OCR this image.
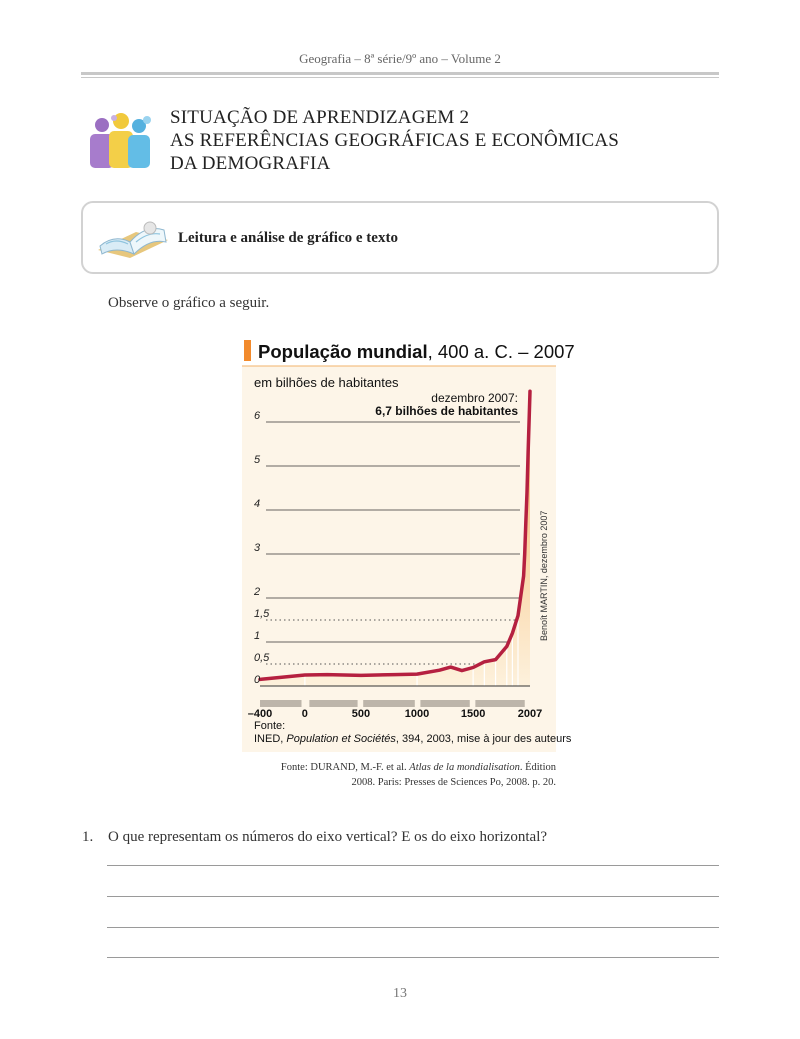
Geografia – 8ª série/9º ano – Volume 2
SITUAÇÃO DE APRENDIZAGEM 2
AS REFERÊNCIAS GEOGRÁFICAS E ECONÔMICAS
DA DEMOGRAFIA
Leitura e análise de gráfico e texto
Observe o gráfico a seguir.
População mundial, 400 a. C. – 2007
em bilhões de habitantes
dezembro 2007:
6,7 bilhões de habitantes
0
0,5
1
1,5
2
3
4
5
6
–400	0	500	1000	1500	2007
Benoît MARTIN, dezembro 2007
Fonte:
INED, Population et Sociétés, 394, 2003, mise à jour des auteurs
Fonte: DURAND, M.-F. et al. Atlas de la mondialisation. Édition
2008. Paris: Presses de Sciences Po, 2008. p. 20.
1. O que representam os números do eixo vertical? E os do eixo horizontal?
13
